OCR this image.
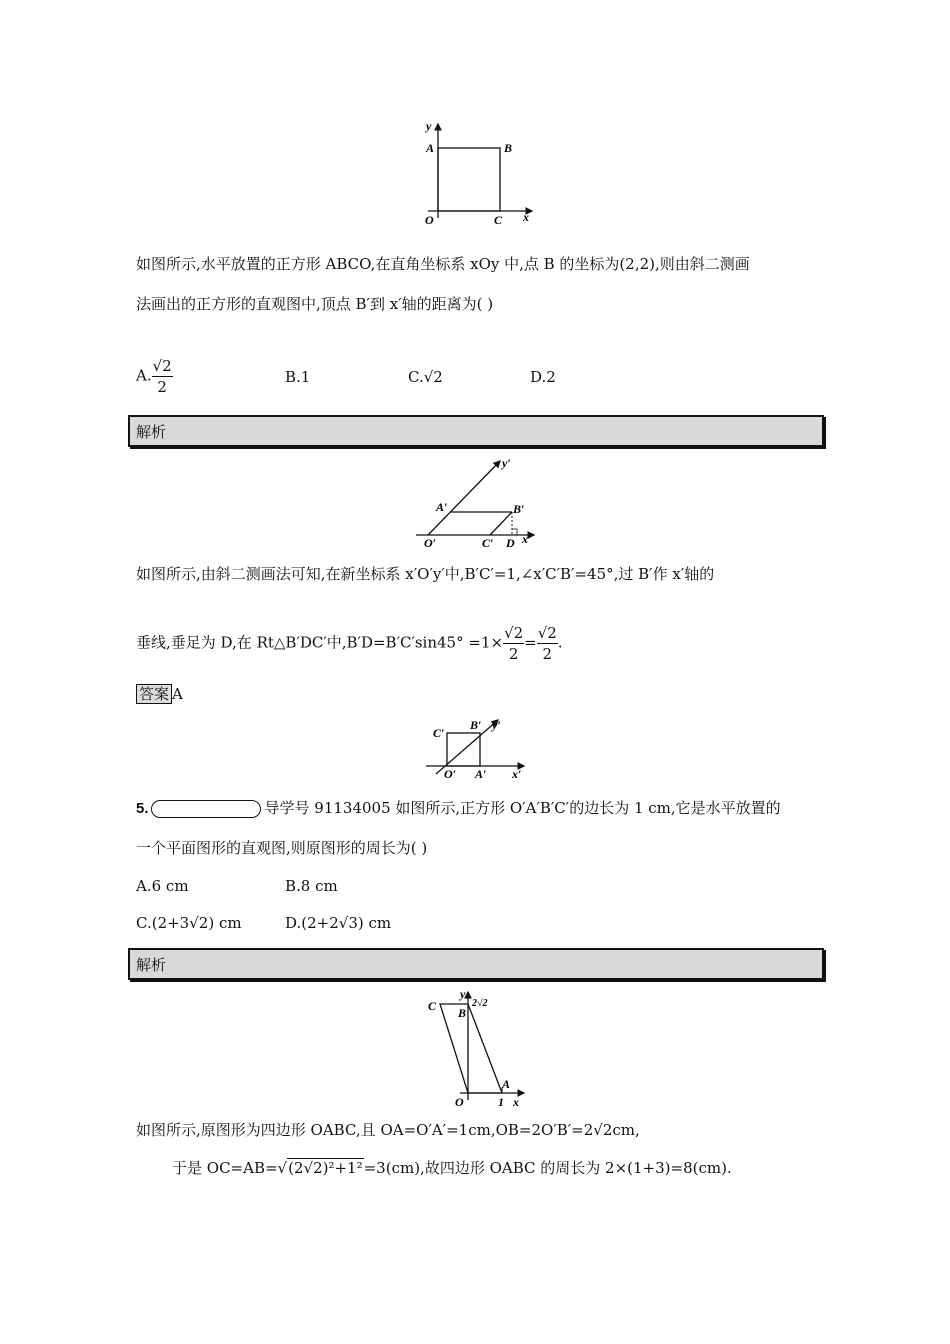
y
A	B
O	C x
如图所示,水平放置的正方形 ABCO,在直角坐标系 xOy 中,点 B 的坐标为(2,2),则由斜二测画
法画出的正方形的直观图中,顶点 B′到 x′轴的距离为( )
A. $\frac{√2}{2}$	B.1	C.√2	D.2
解析
y′
A′	B′
O′	C′ D x′
如图所示,由斜二测画法可知,在新坐标系 x′O′y′中,B′C′=1,∠x′C′B′=45°,过 B′作 x′轴的
垂线,垂足为 D,在 Rt△B′DC′中$,B'D=B'C'\sin 45^\circ =1\times \frac{√2}{2} = \frac{√2}{2}$ .
答案 A
C′
B′ y′
O′ A′ x′
5.	导学号 91134005 如图所示,正方形 O′A′B′C′的边长为 1 cm,它是水平放置的
一个平面图形的直观图,则原图形的周长为( )
A.6 cm	B.8 cm
C.(2+3√2) cm	D.(2+2√3) cm
解析
C
y
2√2
B
O
A
1 x
如图所示,原图形为四边形 OABC,且 OA=O′A′=1cm,OB=2O′B′=2√2cm,
于是 OC=AB=√(2√2)²+1²=3(cm),故四边形 OABC 的周长为 2×(1+3)=8(cm).
